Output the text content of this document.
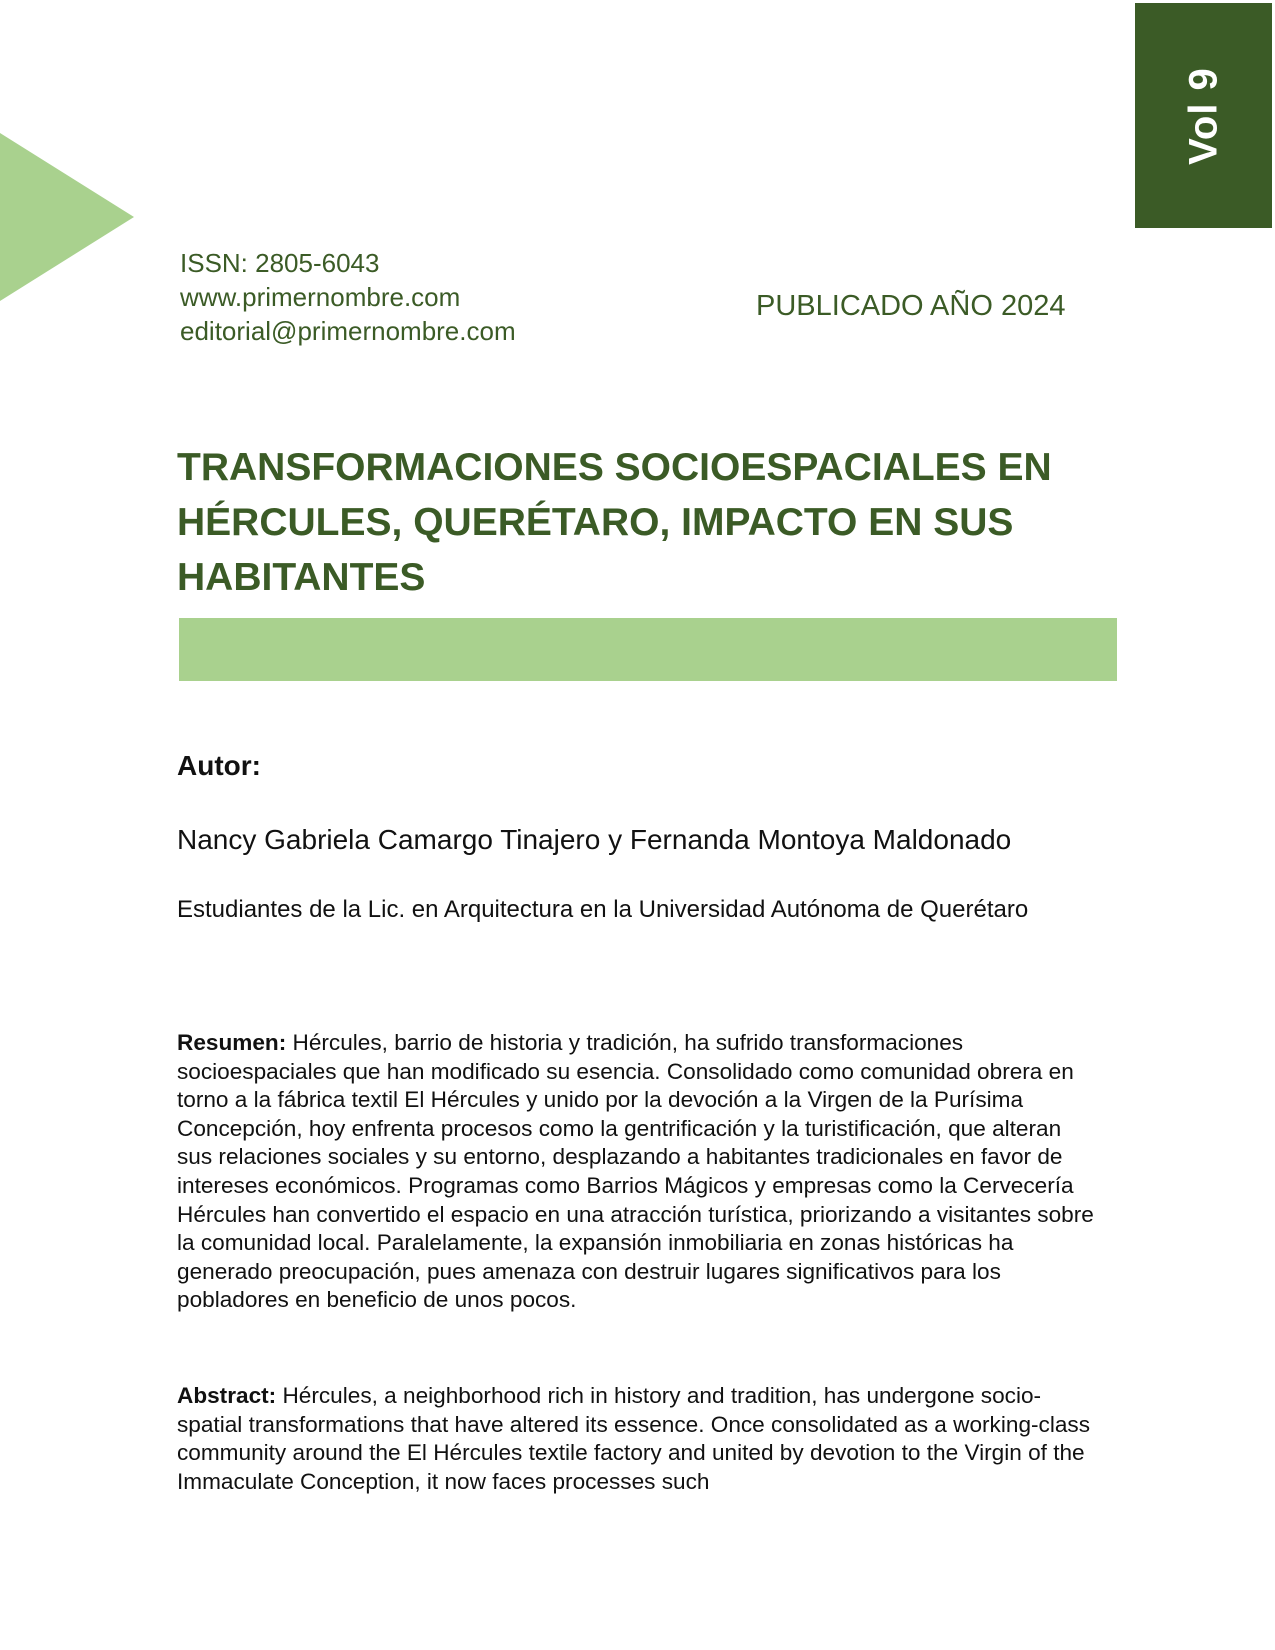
Vol 9
ISSN: 2805-6043
www.primernombre.com
editorial@primernombre.com
PUBLICADO AÑO 2024
TRANSFORMACIONES SOCIOESPACIALES EN HÉRCULES, QUERÉTARO, IMPACTO EN SUS HABITANTES
Autor:
Nancy Gabriela Camargo Tinajero y Fernanda Montoya Maldonado
Estudiantes de la Lic. en Arquitectura en la Universidad Autónoma de Querétaro

Resumen: Hércules, barrio de historia y tradición, ha sufrido transformaciones socioespaciales que han modificado su esencia. Consolidado como comunidad obrera en torno a la fábrica textil El Hércules y unido por la devoción a la Virgen de la Purísima Concepción, hoy enfrenta procesos como la gentrificación y la turistificación, que alteran sus relaciones sociales y su entorno, desplazando a habitantes tradicionales en favor de intereses económicos. Programas como Barrios Mágicos y empresas como la Cervecería Hércules han convertido el espacio en una atracción turística, priorizando a visitantes sobre la comunidad local. Paralelamente, la expansión inmobiliaria en zonas históricas ha generado preocupación, pues amenaza con destruir lugares significativos para los pobladores en beneficio de unos pocos.

Abstract: Hércules, a neighborhood rich in history and tradition, has undergone socio-spatial transformations that have altered its essence. Once consolidated as a working-class community around the El Hércules textile factory and united by devotion to the Virgin of the Immaculate Conception, it now faces processes such
